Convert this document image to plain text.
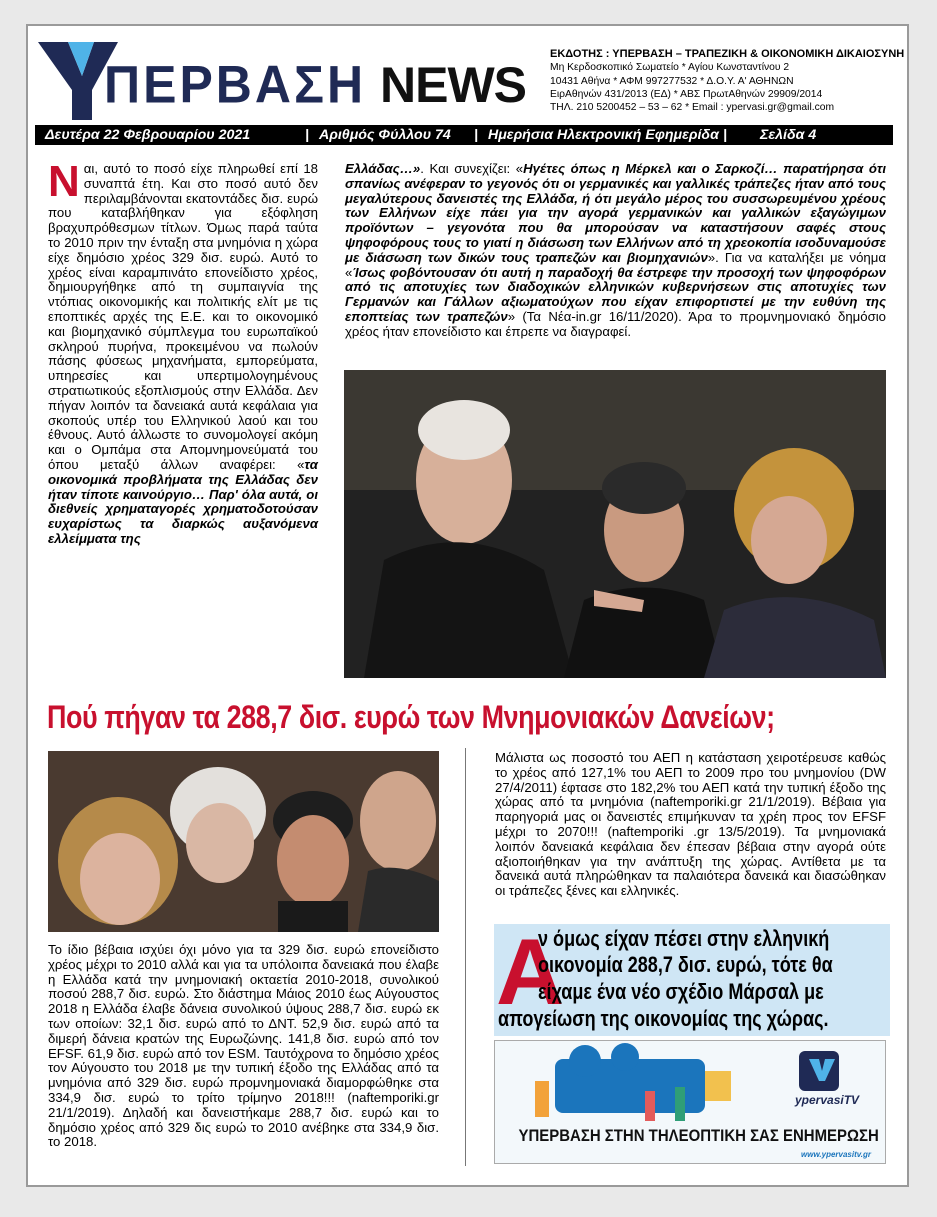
ΠΕΡΒΑΣΗ NEWS
ΕΚΔΟΤΗΣ : ΥΠΕΡΒΑΣΗ – ΤΡΑΠΕΖΙΚΗ & ΟΙΚΟΝΟΜΙΚΗ ΔΙΚΑΙΟΣΥΝΗ
Μη Κερδοσκοπικό Σωματείο * Αγίου Κωνσταντίνου 2
10431 Αθήνα * ΑΦΜ 997277532 * Δ.Ο.Υ. Α' ΑΘΗΝΩΝ
ΕιρΑθηνών 431/2013 (ΕΔ) * ΑΒΣ ΠρωτΑθηνών 29909/2014
ΤΗΛ. 210 5200452 – 53 – 62 * Email : ypervasi.gr@gmail.com
Δευτέρα 22 Φεβρουαρίου 2021	| Αριθμός Φύλλου 74 | Ημερήσια Ηλεκτρονική Εφημερίδα | Σελίδα 4

Ναι, αυτό το ποσό είχε πληρωθεί επί 18 συναπτά έτη. Και στο ποσό αυτό δεν περιλαμβάνονται εκατοντάδες δισ. ευρώ που καταβλήθηκαν για εξόφληση βραχυπρόθεσμων τίτλων. Όμως παρά ταύτα το 2010 πριν την ένταξη στα μνημόνια η χώρα είχε δημόσιο χρέος 329 δισ. ευρώ. Αυτό το χρέος είναι καραμπινάτο επονείδιστο χρέος, δημιουργήθηκε από τη συμπαιγνία της ντόπιας οικονομικής και πολιτικής ελίτ με τις εποπτικές αρχές της Ε.Ε. και το οικονομικό και βιομηχανικό σύμπλεγμα του ευρωπαϊκού σκληρού πυρήνα, προκειμένου να πωλούν πάσης φύσεως μηχανήματα, εμπορεύματα, υπηρεσίες και υπερτιμολογημένους στρατιωτικούς εξοπλισμούς στην Ελλάδα. Δεν πήγαν λοιπόν τα δανειακά αυτά κεφάλαια για σκοπούς υπέρ του Ελληνικού λαού και του έθνους. Αυτό άλλωστε το συνομολογεί ακόμη και ο Ομπάμα στα Απομνημονεύματά του όπου μεταξύ άλλων αναφέρει: «τα οικονομικά προβλήματα της Ελλάδας δεν ήταν τίποτε καινούργιο… Παρ' όλα αυτά, οι διεθνείς χρηματαγορές χρηματοδοτούσαν ευχαρίστως τα διαρκώς αυξανόμενα ελλείμματα της

Ελλάδας…». Και συνεχίζει: «Ηγέτες όπως η Μέρκελ και ο Σαρκοζί… παρατήρησα ότι σπανίως ανέφεραν το γεγονός ότι οι γερμανικές και γαλλικές τράπεζες ήταν από τους μεγαλύτερους δανειστές της Ελλάδα, ή ότι μεγάλο μέρος του συσσωρευμένου χρέους των Ελλήνων είχε πάει για την αγορά γερμανικών και γαλλικών εξαγώγιμων προϊόντων – γεγονότα που θα μπορούσαν να καταστήσουν σαφές στους ψηφοφόρους τους το γιατί η διάσωση των Ελλήνων από τη χρεοκοπία ισοδυναμούσε με διάσωση των δικών τους τραπεζών και βιομηχανιών». Για να καταλήξει με νόημα «Ίσως φοβόντουσαν ότι αυτή η παραδοχή θα έστρεφε την προσοχή των ψηφοφόρων από τις αποτυχίες των διαδοχικών ελληνικών κυβερνήσεων στις αποτυχίες των Γερμανών και Γάλλων αξιωματούχων που είχαν επιφορτιστεί με την ευθύνη της εποπτείας των τραπεζών» (Τα Νέα-in.gr 16/11/2020). Άρα το προμνημονιακό δημόσιο χρέος ήταν επονείδιστο και έπρεπε να διαγραφεί.

Πού πήγαν τα 288,7 δισ. ευρώ των Μνημονιακών Δανείων;

Το ίδιο βέβαια ισχύει όχι μόνο για τα 329 δισ. ευρώ επονείδιστο χρέος μέχρι το 2010 αλλά και για τα υπόλοιπα δανειακά που έλαβε η Ελλάδα κατά την μνημονιακή οκταετία 2010-2018, συνολικού ποσού 288,7 δισ. ευρώ. Στο διάστημα Μάιος 2010 έως Αύγουστος 2018 η Ελλάδα έλαβε δάνεια συνολικού ύψους 288,7 δισ. ευρώ εκ των οποίων: 32,1 δισ. ευρώ από το ΔΝΤ. 52,9 δισ. ευρώ από τα διμερή δάνεια κρατών της Ευρωζώνης. 141,8 δισ. ευρώ από τον EFSF. 61,9 δισ. ευρώ από τον ESM. Ταυτόχρονα το δημόσιο χρέος τον Αύγουστο του 2018 με την τυπική έξοδο της Ελλάδας από τα μνημόνια από 329 δισ. ευρώ προμνημονιακά διαμορφώθηκε στα 334,9 δισ. ευρώ το τρίτο τρίμηνο 2018!!! (naftemporiki.gr 21/1/2019). Δηλαδή και δανειστήκαμε 288,7 δισ. ευρώ και το δημόσιο χρέος από 329 δις ευρώ το 2010 ανέβηκε στα 334,9 δισ. το 2018.

Μάλιστα ως ποσοστό του ΑΕΠ η κατάσταση χειροτέρευσε καθώς το χρέος από 127,1% του ΑΕΠ το 2009 προ του μνημονίου (DW 27/4/2011) έφτασε στο 182,2% του ΑΕΠ κατά την τυπική έξοδο της χώρας από τα μνημόνια (naftemporiki.gr 21/1/2019). Βέβαια για παρηγοριά μας οι δανειστές επιμήκυναν τα χρέη προς τον EFSF μέχρι το 2070!!! (naftemporiki .gr 13/5/2019). Τα μνημονιακά λοιπόν δανειακά κεφάλαια δεν έπεσαν βέβαια στην αγορά ούτε αξιοποιήθηκαν για την ανάπτυξη της χώρας. Αντίθετα με τα δανεικά αυτά πληρώθηκαν τα παλαιότερα δανεικά και διασώθηκαν οι τράπεζες ξένες και ελληνικές.

Α
ν όμως είχαν πέσει στην ελληνική
οικονομία 288,7 δισ. ευρώ, τότε θα
είχαμε ένα νέο σχέδιο Μάρσαλ με
απογείωση της οικονομίας της χώρας.
ypervasiTV
ΥΠΕΡΒΑΣΗ ΣΤΗΝ ΤΗΛΕΟΠΤΙΚΗ ΣΑΣ ΕΝΗΜΕΡΩΣΗ
www.ypervasitv.gr
